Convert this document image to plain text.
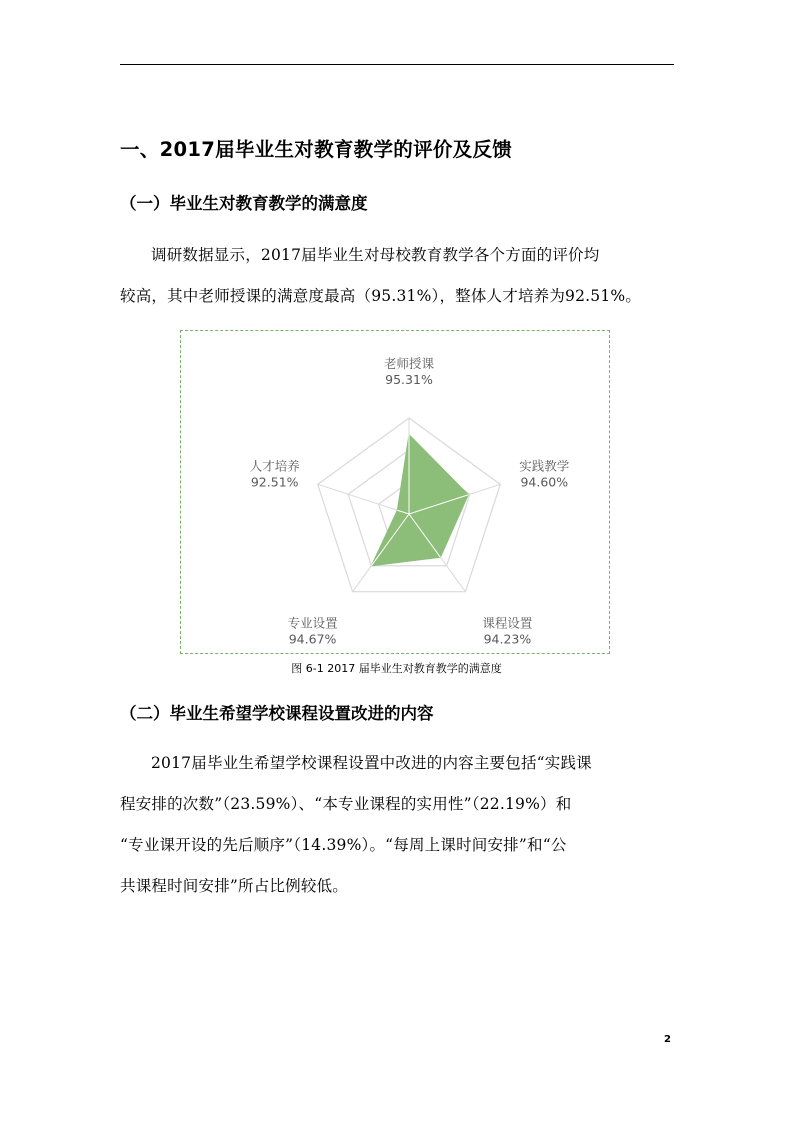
一、2017届毕业生对教育教学的评价及反馈
（一）毕业生对教育教学的满意度
调研数据显示，2017届毕业生对母校教育教学各个方面的评价均
较高，其中老师授课的满意度最高（95.31%），整体人才培养为92.51%。
老师授课
95.31%
实践教学
94.60%
课程设置
94.23%
专业设置
94.67%
人才培养
92.51%
图 6-1 2017 届毕业生对教育教学的满意度
（二）毕业生希望学校课程设置改进的内容
2017届毕业生希望学校课程设置中改进的内容主要包括“实践课
程安排的次数”（23.59%）、“本专业课程的实用性”（22.19%）和
“专业课开设的先后顺序”（14.39%）。“每周上课时间安排”和“公
共课程时间安排”所占比例较低。
2
